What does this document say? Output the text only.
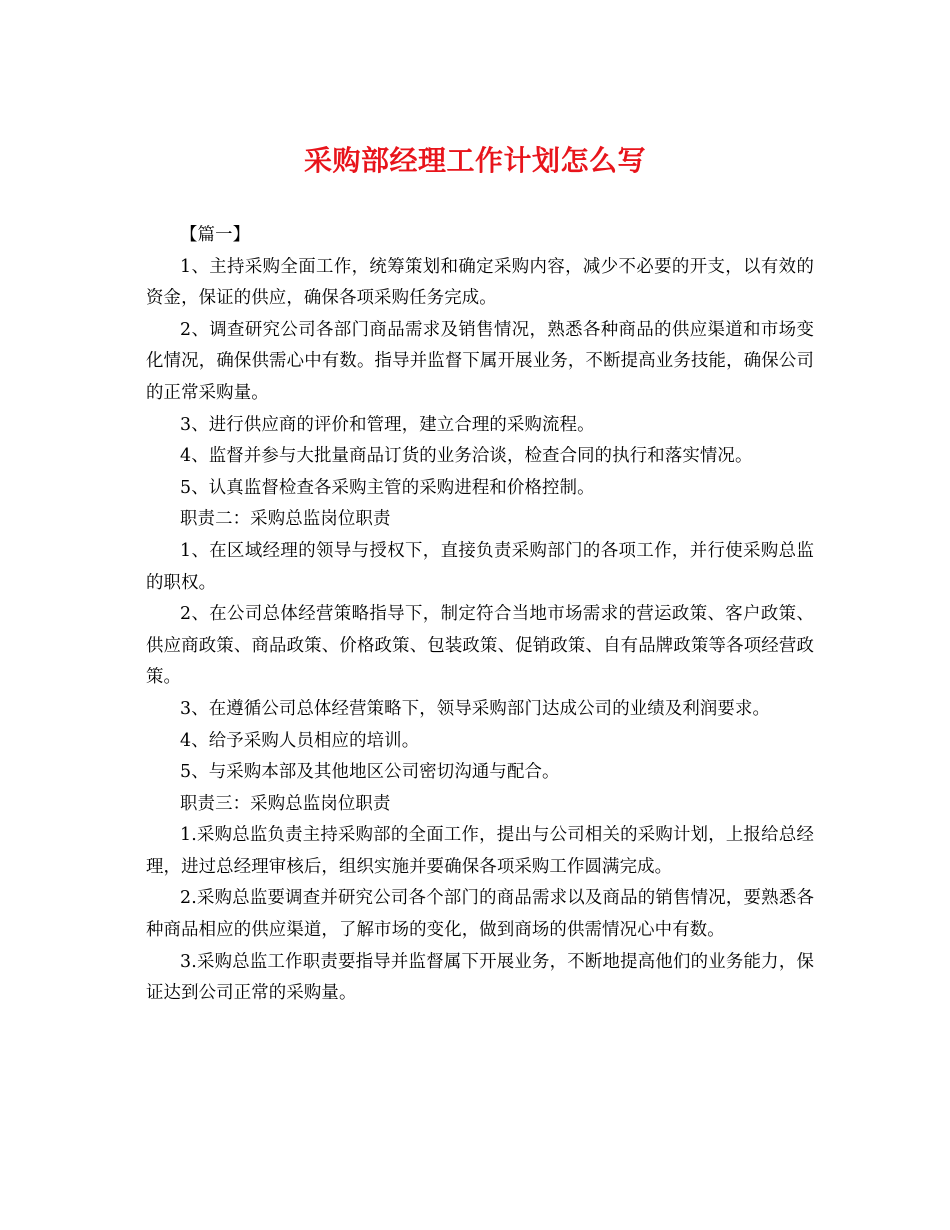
采购部经理工作计划怎么写

【篇一】

1、主持采购全面工作，统筹策划和确定采购内容，减少不必要的开支，以有效的资金，保证的供应，确保各项采购任务完成。

2、调查研究公司各部门商品需求及销售情况，熟悉各种商品的供应渠道和市场变化情况，确保供需心中有数。指导并监督下属开展业务，不断提高业务技能，确保公司的正常采购量。

3、进行供应商的评价和管理，建立合理的采购流程。

4、监督并参与大批量商品订货的业务洽谈，检查合同的执行和落实情况。

5、认真监督检查各采购主管的采购进程和价格控制。

职责二：采购总监岗位职责

1、在区域经理的领导与授权下，直接负责采购部门的各项工作，并行使采购总监的职权。

2、在公司总体经营策略指导下，制定符合当地市场需求的营运政策、客户政策、供应商政策、商品政策、价格政策、包装政策、促销政策、自有品牌政策等各项经营政策。

3、在遵循公司总体经营策略下，领导采购部门达成公司的业绩及利润要求。

4、给予采购人员相应的培训。

5、与采购本部及其他地区公司密切沟通与配合。

职责三：采购总监岗位职责

1.采购总监负责主持采购部的全面工作，提出与公司相关的采购计划，上报给总经理，进过总经理审核后，组织实施并要确保各项采购工作圆满完成。

2.采购总监要调查并研究公司各个部门的商品需求以及商品的销售情况，要熟悉各种商品相应的供应渠道，了解市场的变化，做到商场的供需情况心中有数。

3.采购总监工作职责要指导并监督属下开展业务，不断地提高他们的业务能力，保证达到公司正常的采购量。
